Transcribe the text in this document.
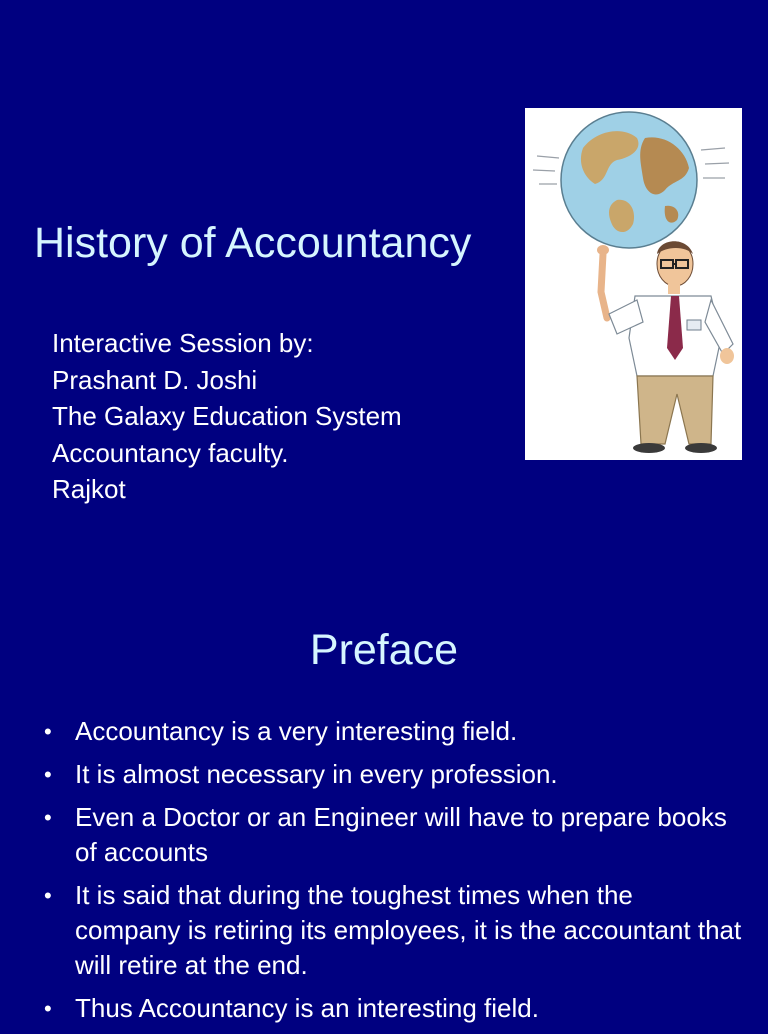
History of Accountancy
Interactive Session by:
Prashant D. Joshi
The Galaxy Education System
Accountancy faculty.
Rajkot
Preface
• Accountancy is a very interesting field.
• It is almost necessary in every profession.
• Even a Doctor or an Engineer will have to prepare books of accounts
• It is said that during the toughest times when the company is retiring its employees, it is the accountant that will retire at the end.
• Thus Accountancy is an interesting field.
